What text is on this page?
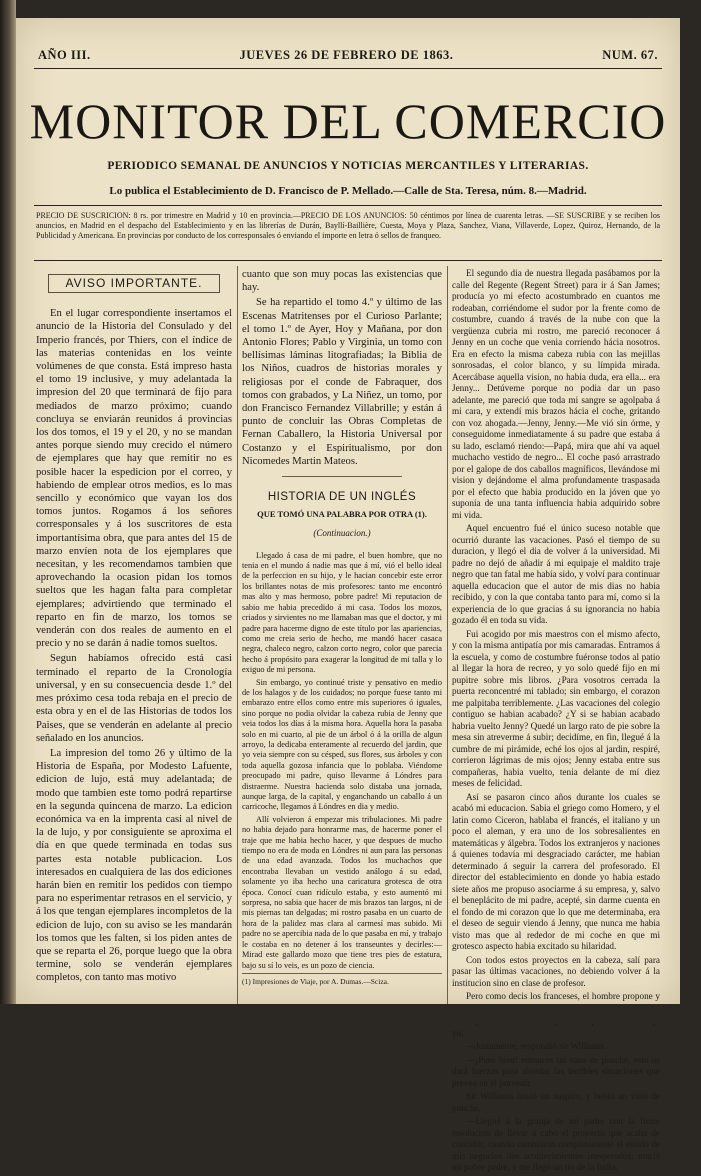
AÑO III.	JUEVES 26 DE FEBRERO DE 1863.	NUM. 67.
MONITOR DEL COMERCIO
PERIODICO SEMANAL DE ANUNCIOS Y NOTICIAS MERCANTILES Y LITERARIAS.
Lo publica el Establecimiento de D. Francisco de P. Mellado.—Calle de Sta. Teresa, núm. 8.—Madrid.
PRECIO DE SUSCRICION: 8 rs. por trimestre en Madrid y 10 en provincia.—PRECIO DE LOS ANUNCIOS: 50 céntimos por línea de cuarenta letras. —SE SUSCRIBE y se reciben los anuncios, en Madrid en el despacho del Establecimiento y en las librerías de Durán, Bayllí-Baillière, Cuesta, Moya y Plaza, Sanchez, Viana, Villaverde, Lopez, Quiroz, Hernando, de la Publicidad y Americana. En provincias por conducto de los corresponsales ó enviando el importe en letra ó sellos de franqueo.
AVISO IMPORTANTE.

En el lugar correspondiente insertamos el anuncio de la Historia del Consulado y del Imperio francés, por Thiers, con el índice de las materias contenidas en los veinte volúmenes de que consta. Está impreso hasta el tomo 19 inclusive, y muy adelantada la impresion del 20 que terminará de fijo para mediados de marzo próximo; cuando concluya se enviarán reunidos á provincias los dos tomos, el 19 y el 20, y no se mandan antes porque siendo muy crecido el número de ejemplares que hay que remitir no es posible hacer la espedicion por el correo, y habiendo de emplear otros medios, es lo mas sencillo y económico que vayan los dos tomos juntos. Rogamos á los señores corresponsales y á los suscritores de esta importantísima obra, que para antes del 15 de marzo envíen nota de los ejemplares que necesitan, y les recomendamos tambien que aprovechando la ocasion pidan los tomos sueltos que les hagan falta para completar ejemplares; advirtiendo que terminado el reparto en fin de marzo, los tomos se venderán con dos reales de aumento en el precio y no se darán á nadie tomos sueltos.

Segun habíamos ofrecido está casi terminado el reparto de la Cronología universal, y en su consecuencia desde 1.º del mes próximo cesa toda rebaja en el precio de esta obra y en el de las Historias de todos los Paises, que se venderán en adelante al precio señalado en los anuncios.

La impresion del tomo 26 y último de la Historia de España, por Modesto Lafuente, edicion de lujo, está muy adelantada; de modo que tambien este tomo podrá repartirse en la segunda quincena de marzo. La edicion económica va en la imprenta casi al nivel de la de lujo, y por consiguiente se aproxima el día en que quede terminada en todas sus partes esta notable publicacion. Los interesados en cualquiera de las dos ediciones harán bien en remitir los pedidos con tiempo para no esperimentar retrasos en el servicio, y á los que tengan ejemplares incompletos de la edicion de lujo, con su aviso se les mandarán los tomos que les falten, si los piden antes de que se reparta el 26, porque luego que la obra termine, solo se venderán ejemplares completos, con tanto mas motivo

cuanto que son muy pocas las existencias que hay.

Se ha repartido el tomo 4.º y último de las Escenas Matritenses por el Curioso Parlante; el tomo 1.º de Ayer, Hoy y Mañana, por don Antonio Flores; Pablo y Virginia, un tomo con bellísimas láminas litografiadas; la Biblia de los Niños, cuadros de historias morales y religiosas por el conde de Fabraquer, dos tomos con grabados, y La Niñez, un tomo, por don Francisco Fernandez Villabrille; y están á punto de concluir las Obras Completas de Fernan Caballero, la Historia Universal por Costanzo y el Espiritualismo, por don Nicomedes Martin Mateos.

HISTORIA DE UN INGLÉS
QUE TOMÓ UNA PALABRA POR OTRA (1).
(Continuacion.)

Llegado á casa de mi padre, el buen hombre, que no tenia en el mundo á nadie mas que á mí, vió el bello ideal de la perfeccion en su hijo, y le hacian concebir este error los brillantes notas de mis profesores: tanto me encontró mas alto y mas hermoso, pobre padre! Mi reputacion de sabio me habia precedido á mi casa. Todos los mozos, criados y sirvientes no me llamaban mas que el doctor, y mi padre para hacerme digno de este título por las apariencias, como me creia serio de hecho, me mandó hacer casaca negra, chaleco negro, calzon corto negro, color que parecia hecho á propósito para exagerar la longitud de mi talla y lo exiguo de mi persona.

Sin embargo, yo continué triste y pensativo en medio de los halagos y de los cuidados; no porque fuese tanto mi embarazo entre ellos como entre mis superiores ó iguales, sino porque no podia olvidar la cabeza rubia de Jenny que veia todos los días á la misma hora. Aquella hora la pasaba solo en mi cuarto, al pie de un árbol ó á la orilla de algun arroyo, la dedicaba enteramente al recuerdo del jardin, que yo veia siempre con su césped, sus flores, sus árboles y con toda aquella gozosa infancia que lo poblaba. Viéndome preocupado mi padre, quiso llevarme á Lóndres para distraerme. Nuestra hacienda solo distaba una jornada, aunque larga, de la capital, y enganchando un caballo á un carricoche, llegamos á Lóndres en dia y medio.

Allí volvieron á empezar mis tribulaciones. Mi padre no habia dejado para honrarme mas, de hacerme poner el traje que me habia hecho hacer, y que despues de mucho tiempo no era de moda en Lóndres ni aun para las personas de una edad avanzada. Todos los muchachos que encontraba llevaban un vestido análogo á su edad, solamente yo iba hecho una caricatura grotesca de otra época. Conocí cuan ridículo estaba, y esto aumentó mi sorpresa, no sabia que hacer de mis brazos tan largos, ni de mis piernas tan delgadas; mi rostro pasaba en un cuarto de hora de la palidez mas clara al carmesí mas subido. Mi padre no se apercibia nada de lo que pasaba en mí, y trabajo le costaba en no detener á los transeuntes y decirles:—Mirad este gallardo mozo que tiene tres pies de estatura, bajo su sí lo veis, es un pozo de ciencia.

(1) Impresiones de Viaje, por A. Dumas.—Sciza.

El segundo dia de nuestra llegada pasábamos por la calle del Regente (Regent Street) para ir á San James; producía yo mi efecto acostumbrado en cuantos me rodeaban, corriéndome el sudor por la frente como de costumbre, cuando á través de la nube con que la vergüenza cubria mi rostro, me pareció reconocer á Jenny en un coche que venia corriendo hácia nosotros. Era en efecto la misma cabeza rubia con las mejillas sonrosadas, el color blanco, y su límpida mirada. Acercábase aquella vision, no habia duda, era ella... era Jenny... Detúveme porque no podia dar un paso adelante, me pareció que toda mi sangre se agolpaba á mi cara, y extendí mis brazos hácia el coche, gritando con voz ahogada.—Jenny, Jenny.—Me vió sin órme, y conseguidome inmediatamente á su padre que estaba á su lado, esclamó riendo:—Papá, mira que ahí va aquel muchacho vestido de negro... El coche pasó arrastrado por el galope de dos caballos magníficos, llevándose mi vision y dejándome el alma profundamente traspasada por el efecto que habia producido en la jóven que yo suponía de una tanta influencia habia adquirido sobre mi vida.

Aquel encuentro fué el único suceso notable que ocurrió durante las vacaciones. Pasó el tiempo de su duracion, y llegó el dia de volver á la universidad. Mi padre no dejó de añadir á mi equipaje el maldito traje negro que tan fatal me había sido, y volví para continuar aquella educacion que el autor de mis dias no habia recibido, y con la que contaba tanto para mí, como si la experiencia de lo que gracias á su ignorancia no habia gozado él en toda su vida.

Fui acogido por mis maestros con el mismo afecto, y con la misma antipatía por mis camaradas. Entramos á la escuela, y como de costumbre fuéronse todos al patio al llegar la hora de recreo, y yo solo quedé fijo en mi pupitre sobre mis libros. ¿Para vosotros cerrada la puerta reconcentré mi tablado; sin embargo, el corazon me palpitaba terriblemente. ¿Las vacaciones del colegio contiguo se habian acabado? ¿Y si se habian acabado habria vuelto Jenny? Quedé un largo rato de pie sobre la mesa sin atreverme á subir; decidíme, en fin, llegué á la cumbre de mi pirámide, eché los ojos al jardin, respiré, corrieron lágrimas de mis ojos; Jenny estaba entre sus compañeras, habia vuelto, tenia delante de mí diez meses de felicidad.

Así se pasaron cinco años durante los cuales se acabó mi educacion. Sabia el griego como Homero, y el latin como Ciceron, hablaba el francés, el italiano y un poco el aleman, y era uno de los sobresalientes en matemáticas y álgebra. Todos los extranjeros y naciones á quienes todavía mi desgraciado carácter, me habian determinado á seguir la carrera del profesorado. El director del establecimiento en donde yo habia estado siete años me propuso asociarme á su empresa, y, salvo el beneplácito de mi padre, acepté, sin darme cuenta en el fondo de mi corazon que lo que me determinaba, era el deseo de seguir viendo á Jenny, que nunca me habia visto mas que al rededor de mi coche en que mi grotesco aspecto habia excitado su hilaridad.

Con todos estos proyectos en la cabeza, salí para pasar las últimas vacaciones, no debiendo volver á la institucion sino en clase de profesor.

Pero como decis los franceses, el hombre propone y

yo.

—Justamente, respondió sir Williams.

—¡Pues bien! entonces un vaso de ponche, esto os dará fuerzas para abordar las terribles situaciones que preveo en el porvenir.

Sir Williams lanzó un suspiro, y bebió un vaso de ponche.

—Llegué á la granja de mi padre con la firme resolucion de llevar á cabo el proyecto que acaba de concebir, cuando cambiaron completamente el estado de mis negocios dos acontecimientos inesperados: murió mi pobre padre, y me llegó un tio de la India.
